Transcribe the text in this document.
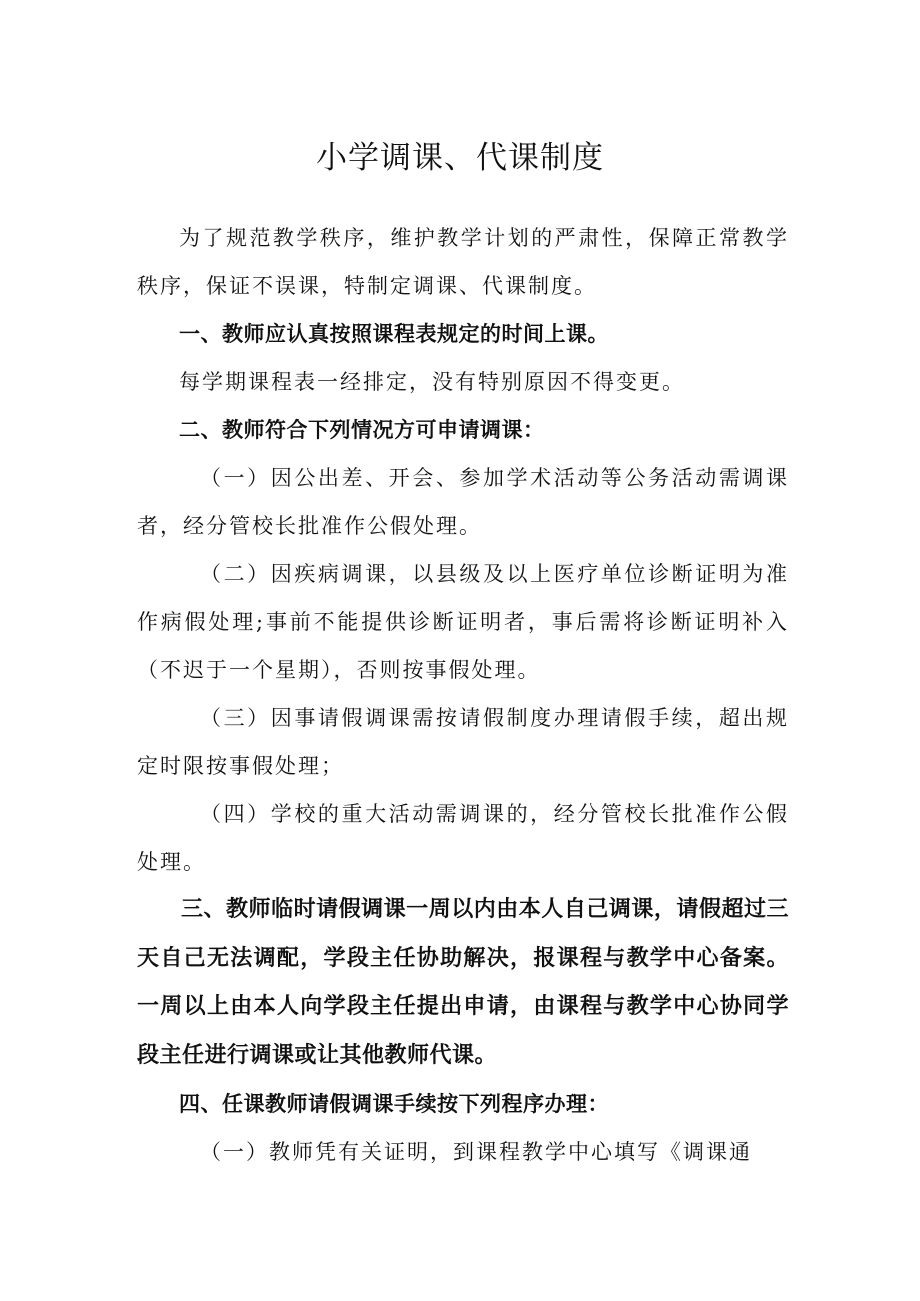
小学调课、代课制度

为了规范教学秩序，维护教学计划的严肃性，保障正常教学秩序，保证不误课，特制定调课、代课制度。

一、教师应认真按照课程表规定的时间上课。

每学期课程表一经排定，没有特别原因不得变更。

二、教师符合下列情况方可申请调课：

（一）因公出差、开会、参加学术活动等公务活动需调课者，经分管校长批准作公假处理。

（二）因疾病调课，以县级及以上医疗单位诊断证明为准作病假处理;事前不能提供诊断证明者，事后需将诊断证明补入（不迟于一个星期），否则按事假处理。

（三）因事请假调课需按请假制度办理请假手续，超出规定时限按事假处理；

（四）学校的重大活动需调课的，经分管校长批准作公假处理。

三、教师临时请假调课一周以内由本人自己调课，请假超过三天自己无法调配，学段主任协助解决，报课程与教学中心备案。一周以上由本人向学段主任提出申请，由课程与教学中心协同学段主任进行调课或让其他教师代课。

四、任课教师请假调课手续按下列程序办理：

（一）教师凭有关证明，到课程教学中心填写《调课通
